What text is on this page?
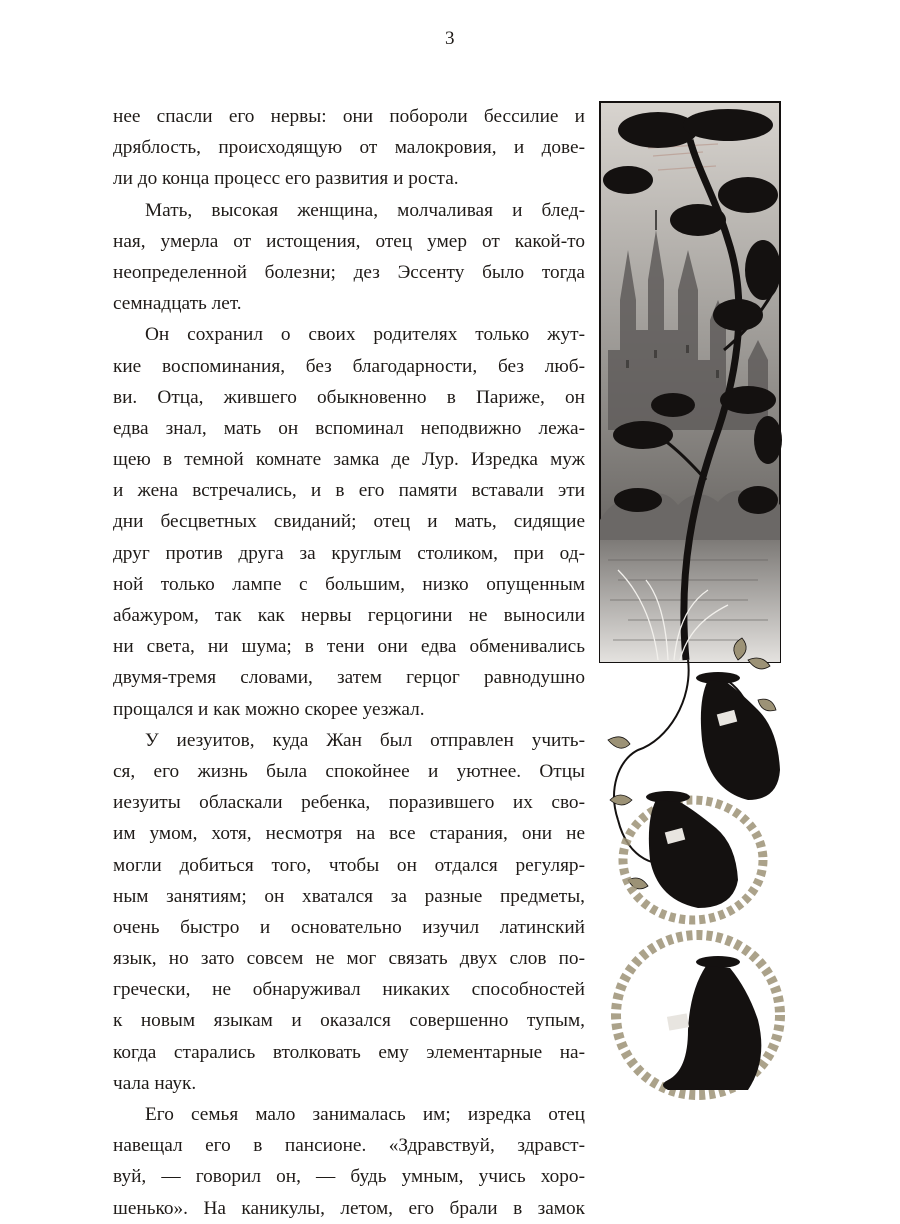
3
нее спасли его нервы: они побороли бессилие и
дряблость, происходящую от малокровия, и дове-
ли до конца процесс его развития и роста.
Мать, высокая женщина, молчаливая и блед-
ная, умерла от истощения, отец умер от какой-то
неопределенной болезни; дез Эссенту было тогда
семнадцать лет.
Он сохранил о своих родителях только жут-
кие воспоминания, без благодарности, без люб-
ви. Отца, жившего обыкновенно в Париже, он
едва знал, мать он вспоминал неподвижно лежа-
щею в темной комнате замка де Лур. Изредка муж
и жена встречались, и в его памяти вставали эти
дни бесцветных свиданий; отец и мать, сидящие
друг против друга за круглым столиком, при од-
ной только лампе с большим, низко опущенным
абажуром, так как нервы герцогини не выносили
ни света, ни шума; в тени они едва обменивались
двумя-тремя словами, затем герцог равнодушно
прощался и как можно скорее уезжал.
У иезуитов, куда Жан был отправлен учить-
ся, его жизнь была спокойнее и уютнее. Отцы
иезуиты обласкали ребенка, поразившего их сво-
им умом, хотя, несмотря на все старания, они не
могли добиться того, чтобы он отдался регуляр-
ным занятиям; он хватался за разные предметы,
очень быстро и основательно изучил латинский
язык, но зато совсем не мог связать двух слов по-
гречески, не обнаруживал никаких способностей
к новым языкам и оказался совершенно тупым,
когда старались втолковать ему элементарные на-
чала наук.
Его семья мало занималась им; изредка отец
навещал его в пансионе. «Здравствуй, здравст-
вуй, — говорил он, — будь умным, учись хоро-
шенько». На каникулы, летом, его брали в замок
